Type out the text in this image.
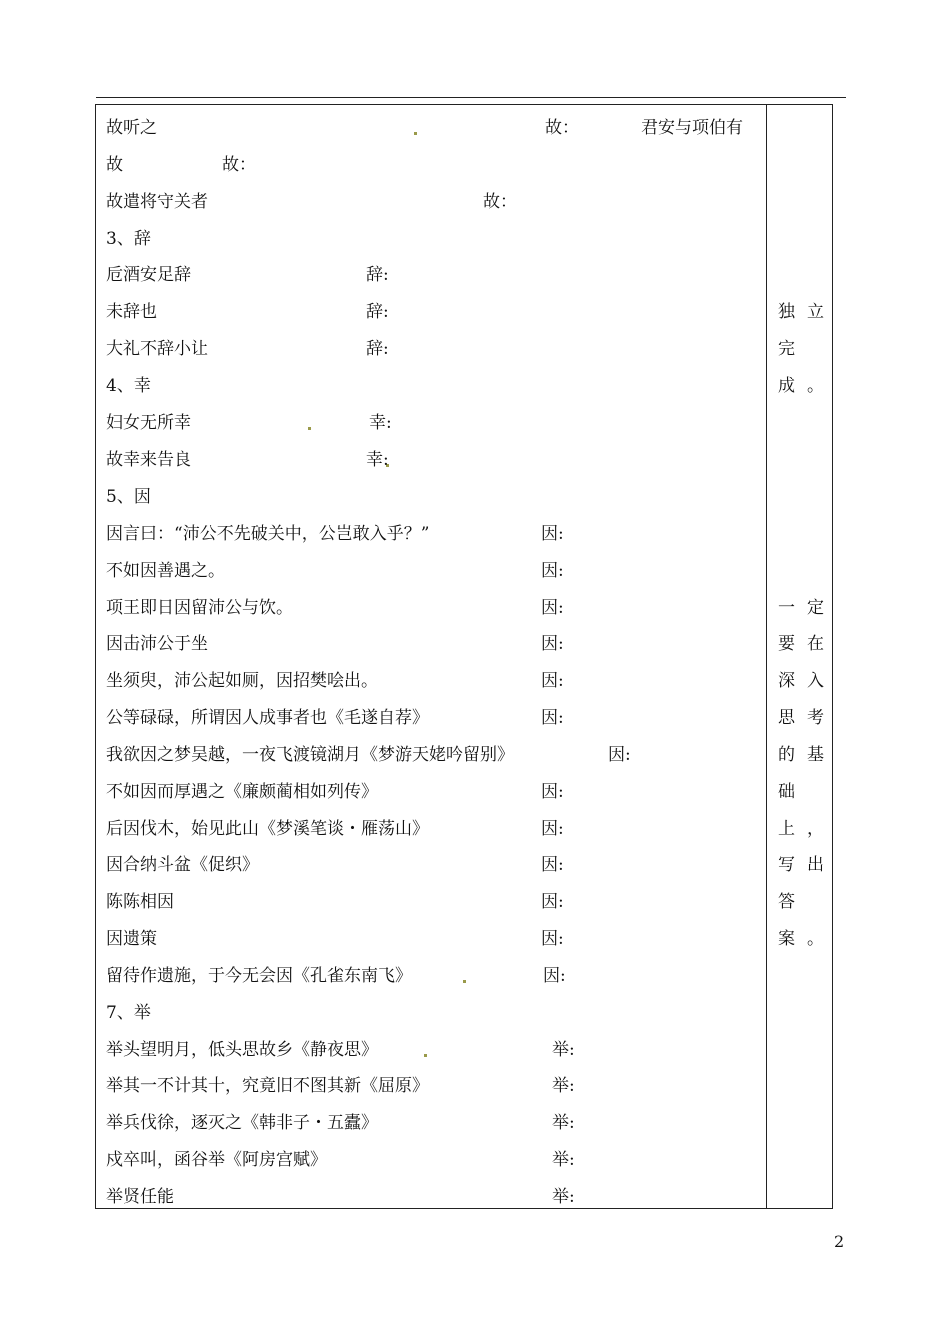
故听之	故：	君安与项伯有
故	故：
故遣将守关者	故：
3、辞
卮酒安足辞	辞:
未辞也	辞:
大礼不辞小让	辞:
4、幸
妇女无所幸	幸:
故幸来告良	幸:
5、因
因言曰：“沛公不先破关中，公岂敢入乎？”	因:
不如因善遇之。	因:
项王即日因留沛公与饮。	因:
因击沛公于坐	因:
坐须臾，沛公起如厕，因招樊哙出。	因:
公等碌碌，所谓因人成事者也《毛遂自荐》	因:
我欲因之梦吴越，一夜飞渡镜湖月《梦游天姥吟留别》	因:
不如因而厚遇之《廉颇蔺相如列传》	因:
后因伐木，始见此山《梦溪笔谈・雁荡山》	因:
因合纳斗盆《促织》	因:
陈陈相因	因:
因遗策	因:
留待作遗施，于今无会因《孔雀东南飞》	因:
7、举
举头望明月，低头思故乡《静夜思》	举:
举其一不计其十，究竟旧不图其新《屈原》	举:
举兵伐徐，逐灭之《韩非子・五蠹》	举:
戍卒叫，函谷举《阿房宫赋》	举:
举贤任能	举:
独立
完
成。
一定
要在
深入
思考
的基
础
上，
写出
答
案。
2
